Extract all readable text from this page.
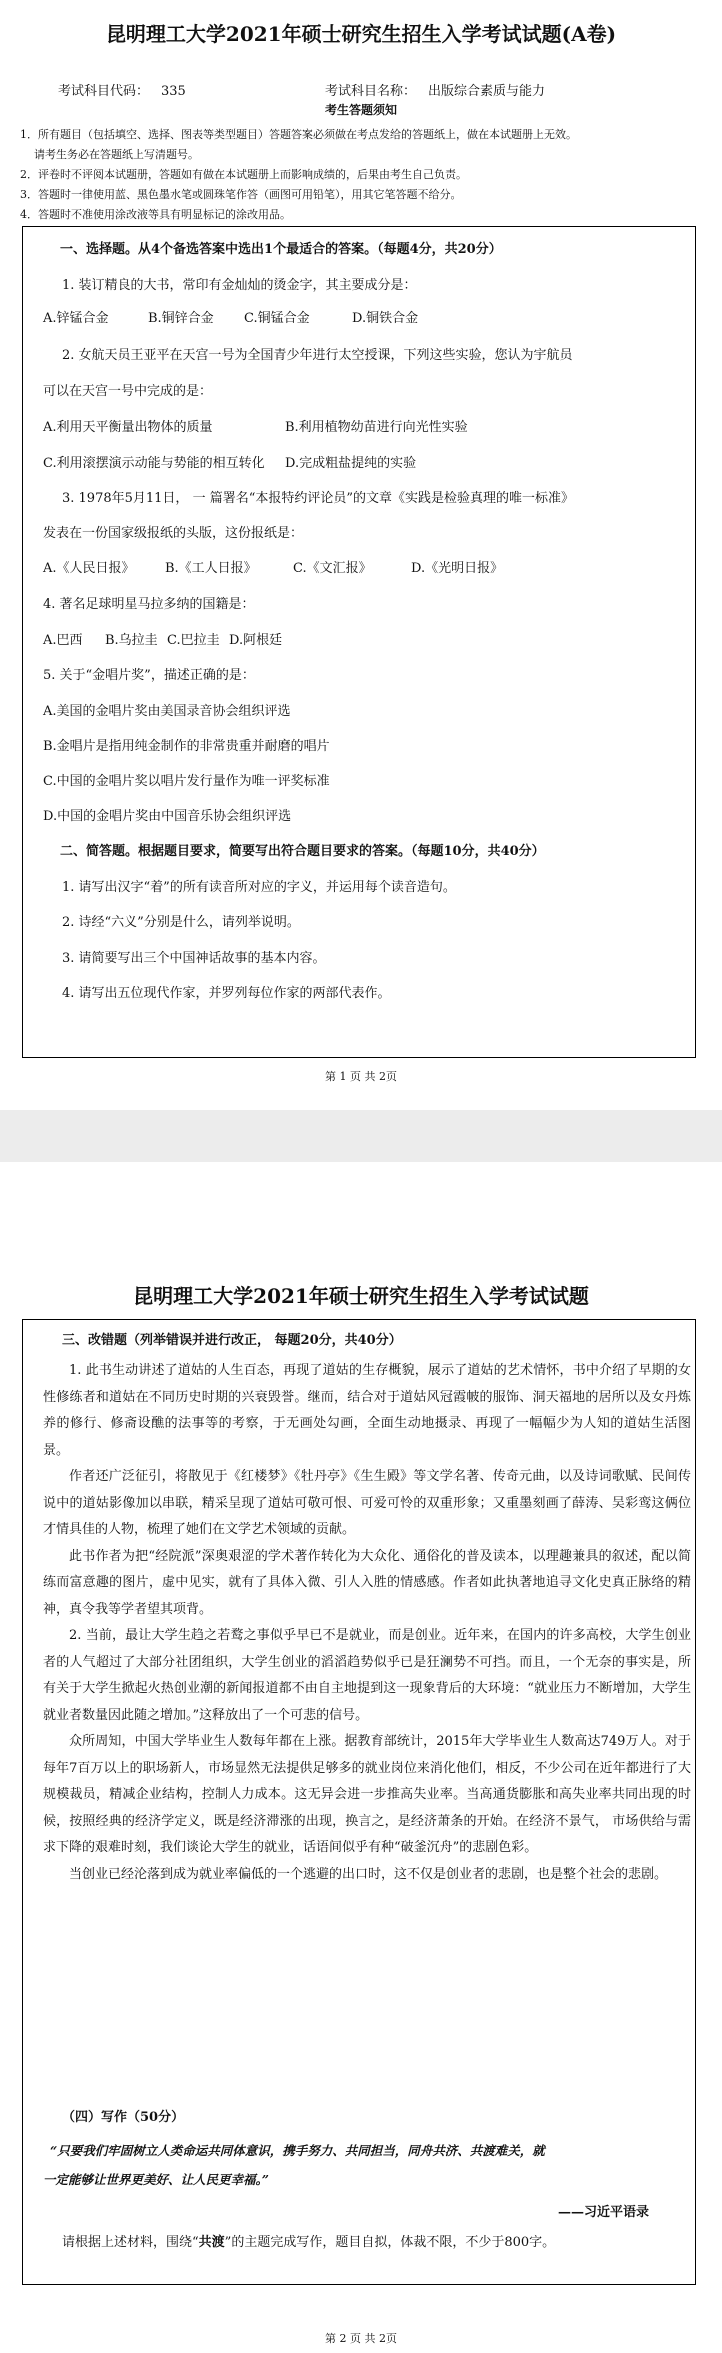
昆明理工大学2021年硕士研究生招生入学考试试题(A卷)
考试科目代码： 335	考试科目名称： 出版综合素质与能力
考生答题须知
1．所有题目（包括填空、选择、图表等类型题目）答题答案必须做在考点发给的答题纸上，做在本试题册上无效。
请考生务必在答题纸上写清题号。
2．评卷时不评阅本试题册，答题如有做在本试题册上而影响成绩的，后果由考生自己负责。
3．答题时一律使用蓝、黑色墨水笔或圆珠笔作答（画图可用铅笔），用其它笔答题不给分。
4．答题时不准使用涂改液等具有明显标记的涂改用品。
一、选择题。从4个备选答案中选出1个最适合的答案。（每题4分，共20分）
1. 装订精良的大书，常印有金灿灿的烫金字，其主要成分是：
A.锌锰合金	B.铜锌合金 C.铜锰合金	D.铜铁合金
2. 女航天员王亚平在天宫一号为全国青少年进行太空授课，下列这些实验，您认为宇航员
可以在天宫一号中完成的是：
A.利用天平衡量出物体的质量	B.利用植物幼苗进行向光性实验
C.利用滚摆演示动能与势能的相互转化 D.完成粗盐提纯的实验
3. 1978年5月11日， 一 篇署名“本报特约评论员”的文章《实践是检验真理的唯一标准》
发表在一份国家级报纸的头版，这份报纸是：
A.《人民日报》 B.《工人日报》	C.《文汇报》	D.《光明日报》
4. 著名足球明星马拉多纳的国籍是：
A.巴西 B.乌拉圭 C.巴拉圭 D.阿根廷
5. 关于“金唱片奖”，描述正确的是：
A.美国的金唱片奖由美国录音协会组织评选
B.金唱片是指用纯金制作的非常贵重并耐磨的唱片
C.中国的金唱片奖以唱片发行量作为唯一评奖标准
D.中国的金唱片奖由中国音乐协会组织评选
二、简答题。根据题目要求，简要写出符合题目要求的答案。（每题10分，共40分）
1. 请写出汉字“着”的所有读音所对应的字义，并运用每个读音造句。
2. 诗经“六义”分别是什么，请列举说明。
3. 请简要写出三个中国神话故事的基本内容。
4. 请写出五位现代作家，并罗列每位作家的两部代表作。
第 1 页 共 2页
昆明理工大学2021年硕士研究生招生入学考试试题
三、改错题（列举错误并进行改正， 每题20分，共40分）

1. 此书生动讲述了道姑的人生百态，再现了道姑的生存概貌，展示了道姑的艺术情怀，书中介绍了早期的女性修练者和道姑在不同历史时期的兴衰毁誉。继而，结合对于道姑风冠霞帔的服饰、洞天福地的居所以及女丹炼养的修行、修斋设醮的法事等的考察，于无画处勾画，全面生动地摄录、再现了一幅幅少为人知的道姑生活图景。

作者还广泛征引，将散见于《红楼梦》《牡丹亭》《生生殿》等文学名著、传奇元曲，以及诗词歌赋、民间传说中的道姑影像加以串联，精采呈现了道姑可敬可恨、可爱可怜的双重形象；又重墨刻画了薛涛、吴彩鸾这俩位才情具佳的人物，梳理了她们在文学艺术领域的贡献。

此书作者为把“经院派”深奥艰涩的学术著作转化为大众化、通俗化的普及读本，以理趣兼具的叙述，配以简练而富意趣的图片，虚中见实，就有了具体入微、引人入胜的情感感。作者如此执著地追寻文化史真正脉络的精神，真令我等学者望其项背。

2. 当前，最让大学生趋之若鹜之事似乎早已不是就业，而是创业。近年来，在国内的许多高校，大学生创业者的人气超过了大部分社团组织，大学生创业的滔滔趋势似乎已是狂澜势不可挡。而且，一个无奈的事实是，所有关于大学生掀起火热创业潮的新闻报道都不由自主地提到这一现象背后的大环境：“就业压力不断增加，大学生就业者数量因此随之增加。”这释放出了一个可悲的信号。

众所周知，中国大学毕业生人数每年都在上涨。据教育部统计，2015年大学毕业生人数高达749万人。对于每年7百万以上的职场新人，市场显然无法提供足够多的就业岗位来消化他们，相反，不少公司在近年都进行了大规模裁员，精减企业结构，控制人力成本。这无异会进一步推高失业率。当高通货膨胀和高失业率共同出现的时候，按照经典的经济学定义，既是经济滞涨的出现，换言之，是经济萧条的开始。在经济不景气， 市场供给与需求下降的艰难时刻，我们谈论大学生的就业，话语间似乎有种“破釜沉舟”的悲剧色彩。

当创业已经沦落到成为就业率偏低的一个逃避的出口时，这不仅是创业者的悲剧，也是整个社会的悲剧。

（四）写作（50分）
“只要我们牢固树立人类命运共同体意识，携手努力、共同担当，同舟共济、共渡难关，就
一定能够让世界更美好、让人民更幸福。”
——习近平语录
请根据上述材料，围绕“共渡”的主题完成写作，题目自拟，体裁不限，不少于800字。
第 2 页 共 2页
